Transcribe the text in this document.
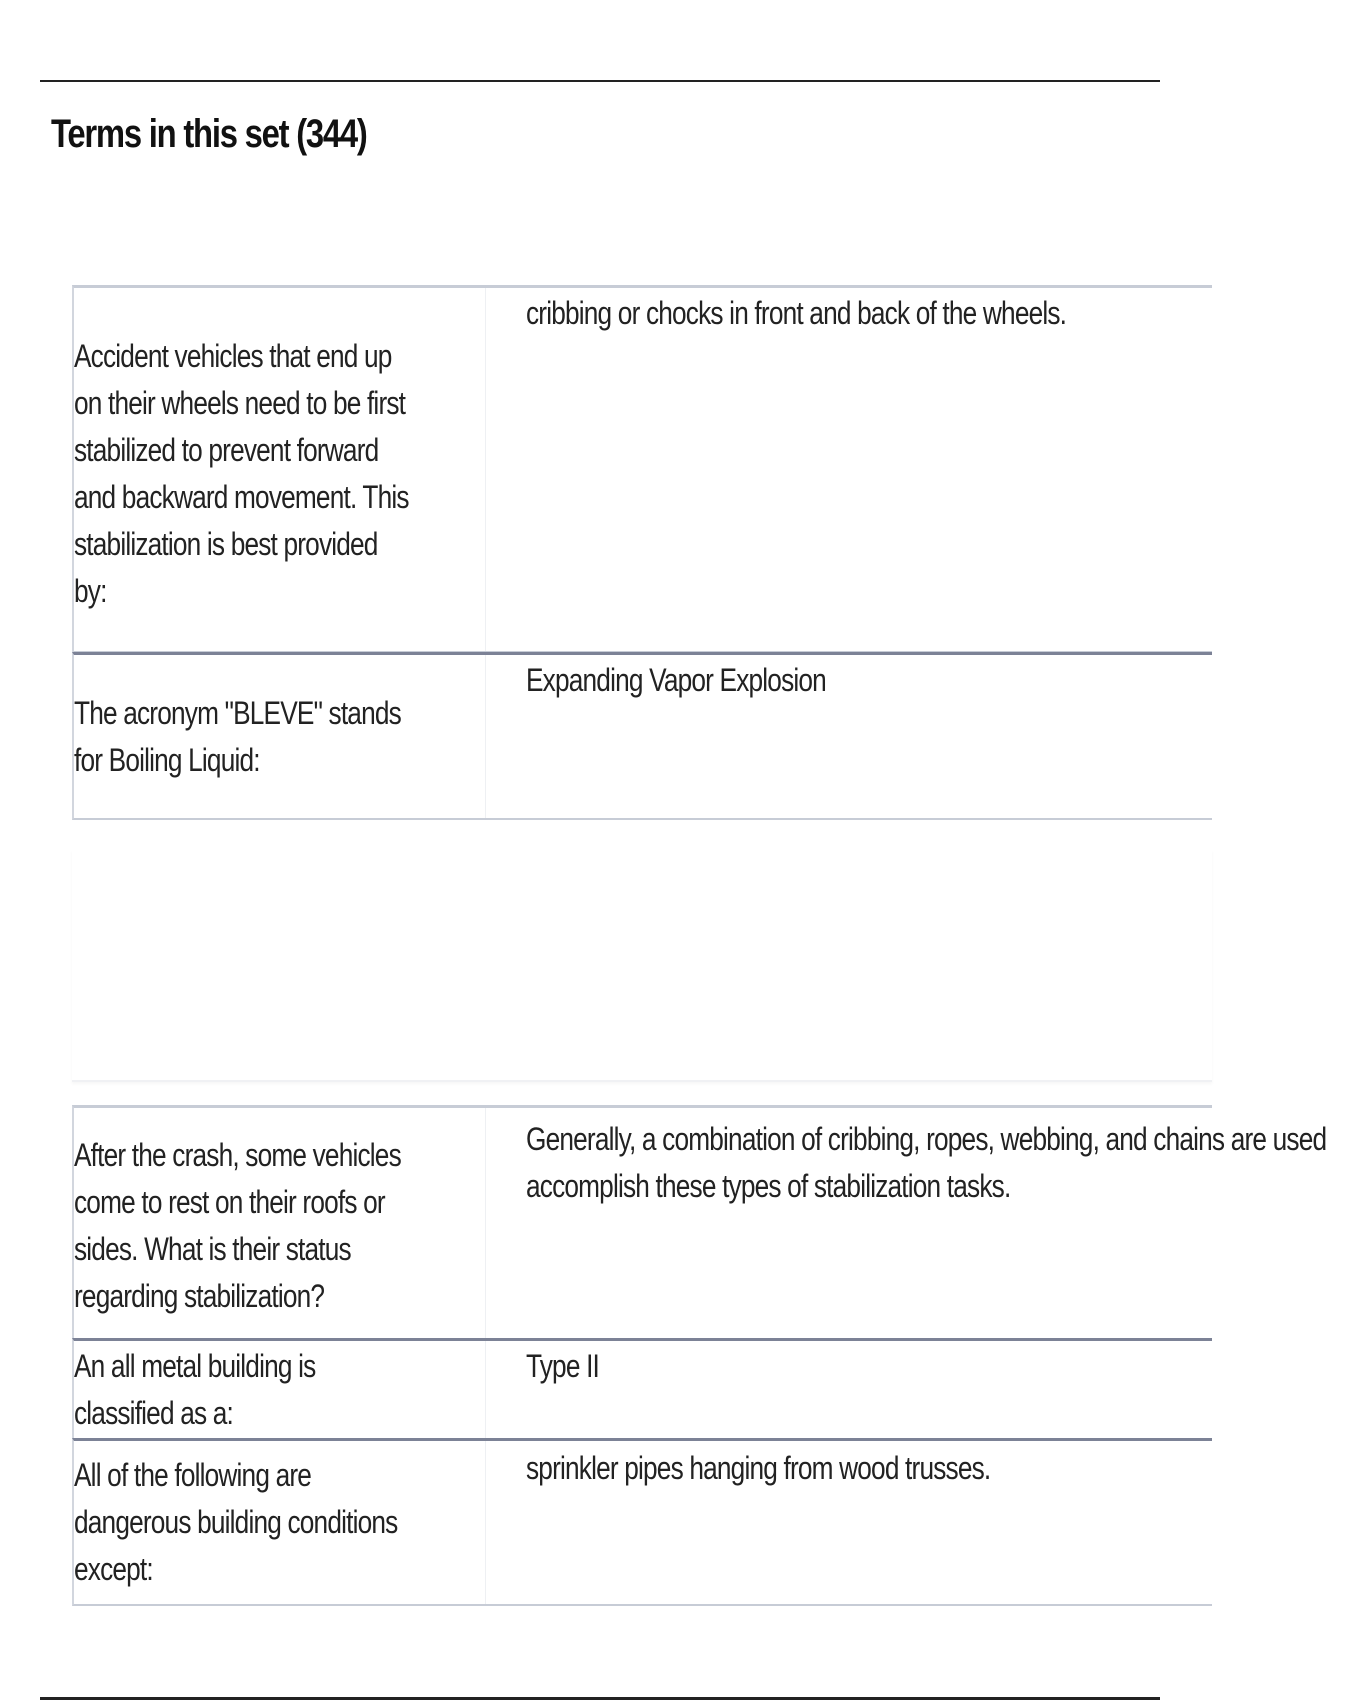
Terms in this set (344)
Accident vehicles that end up on their wheels need to be first stabilized to prevent forward and backward movement. This stabilization is best provided by:
cribbing or chocks in front and back of the wheels.
The acronym "BLEVE" stands for Boiling Liquid:
Expanding Vapor Explosion
After the crash, some vehicles come to rest on their roofs or sides. What is their status regarding stabilization?
Generally, a combination of cribbing, ropes, webbing, and chains are used accomplish these types of stabilization tasks.
An all metal building is classified as a:
Type II
All of the following are dangerous building conditions except:
sprinkler pipes hanging from wood trusses.
